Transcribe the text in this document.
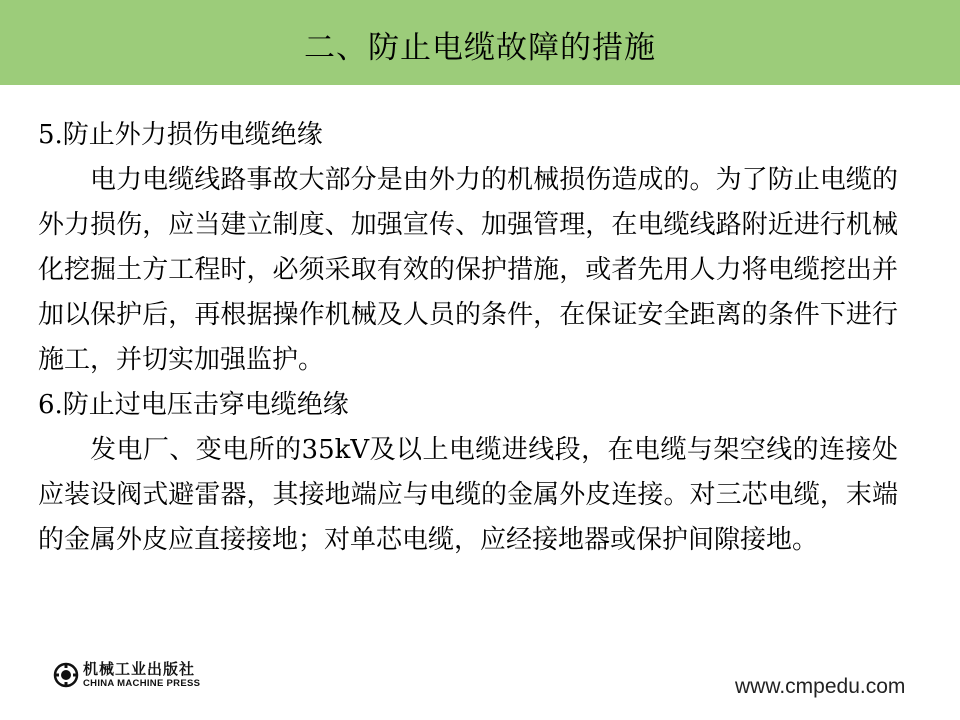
二、防止电缆故障的措施
5.防止外力损伤电缆绝缘
电力电缆线路事故大部分是由外力的机械损伤造成的。为了防止电缆的外力损伤，应当建立制度、加强宣传、加强管理，在电缆线路附近进行机械化挖掘土方工程时，必须采取有效的保护措施，或者先用人力将电缆挖出并加以保护后，再根据操作机械及人员的条件，在保证安全距离的条件下进行施工，并切实加强监护。
6.防止过电压击穿电缆绝缘
发电厂、变电所的35kV及以上电缆进线段，在电缆与架空线的连接处应装设阀式避雷器，其接地端应与电缆的金属外皮连接。对三芯电缆，末端的金属外皮应直接接地；对单芯电缆，应经接地器或保护间隙接地。
机械工业出版社
CHINA MACHINE PRESS	www.cmpedu.com
